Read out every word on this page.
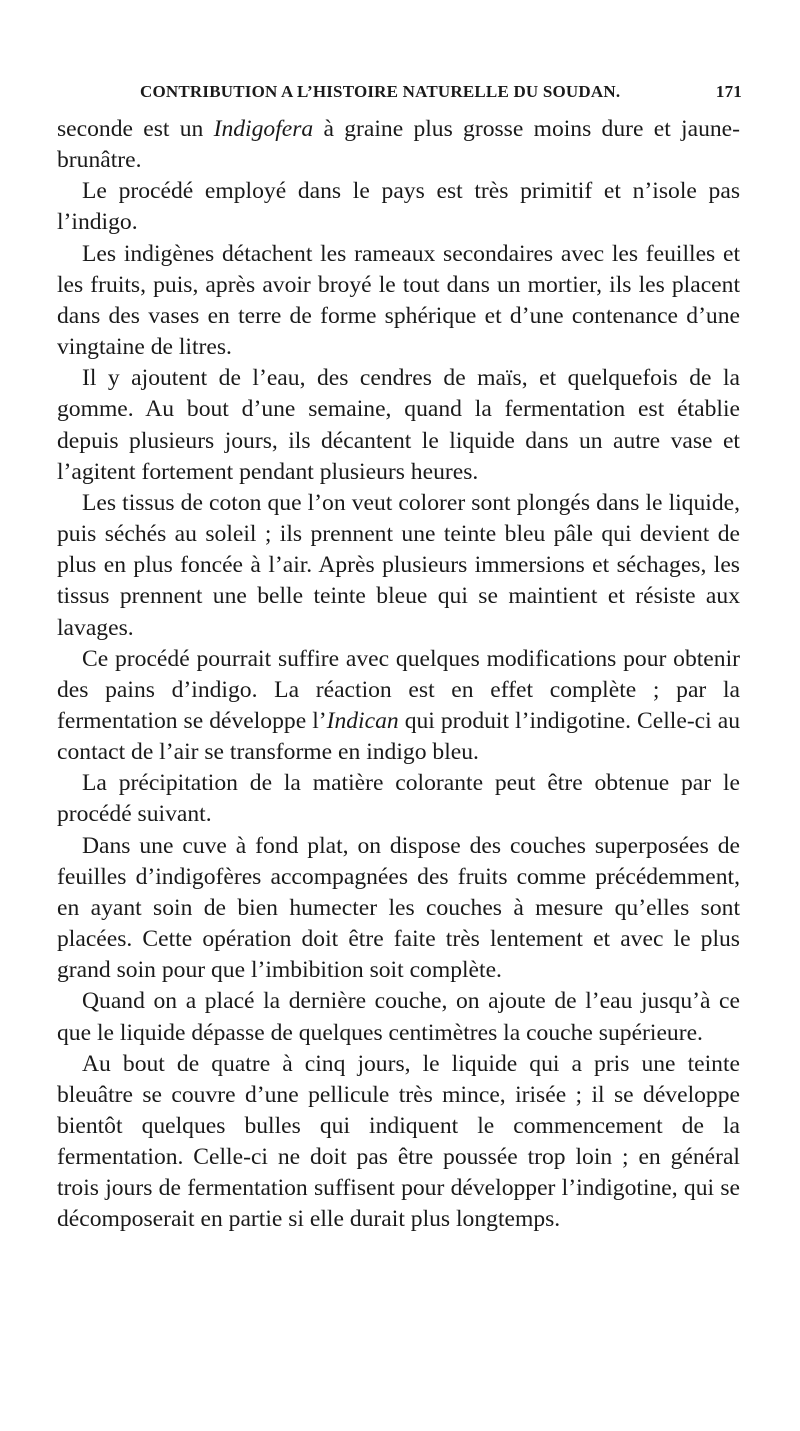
CONTRIBUTION A L’HISTOIRE NATURELLE DU SOUDAN.	171

seconde est un Indigofera à graine plus grosse moins dure et jaune-brunâtre.

Le procédé employé dans le pays est très primitif et n’isole pas l’indigo.

Les indigènes détachent les rameaux secondaires avec les feuilles et les fruits, puis, après avoir broyé le tout dans un mortier, ils les placent dans des vases en terre de forme sphérique et d’une contenance d’une vingtaine de litres.

Il y ajoutent de l’eau, des cendres de maïs, et quelquefois de la gomme. Au bout d’une semaine, quand la fermentation est établie depuis plusieurs jours, ils décantent le liquide dans un autre vase et l’agitent fortement pendant plusieurs heures.

Les tissus de coton que l’on veut colorer sont plongés dans le liquide, puis séchés au soleil ; ils prennent une teinte bleu pâle qui devient de plus en plus foncée à l’air. Après plusieurs immersions et séchages, les tissus prennent une belle teinte bleue qui se maintient et résiste aux lavages.

Ce procédé pourrait suffire avec quelques modifications pour obtenir des pains d’indigo. La réaction est en effet complète ; par la fermentation se développe l’Indican qui produit l’indigotine. Celle-ci au contact de l’air se transforme en indigo bleu.

La précipitation de la matière colorante peut être obtenue par le procédé suivant.

Dans une cuve à fond plat, on dispose des couches superposées de feuilles d’indigofères accompagnées des fruits comme précédemment, en ayant soin de bien humecter les couches à mesure qu’elles sont placées. Cette opération doit être faite très lentement et avec le plus grand soin pour que l’imbibition soit complète.

Quand on a placé la dernière couche, on ajoute de l’eau jusqu’à ce que le liquide dépasse de quelques centimètres la couche supérieure.

Au bout de quatre à cinq jours, le liquide qui a pris une teinte bleuâtre se couvre d’une pellicule très mince, irisée ; il se développe bientôt quelques bulles qui indiquent le commencement de la fermentation. Celle-ci ne doit pas être poussée trop loin ; en général trois jours de fermentation suffisent pour développer l’indigotine, qui se décomposerait en partie si elle durait plus longtemps.
